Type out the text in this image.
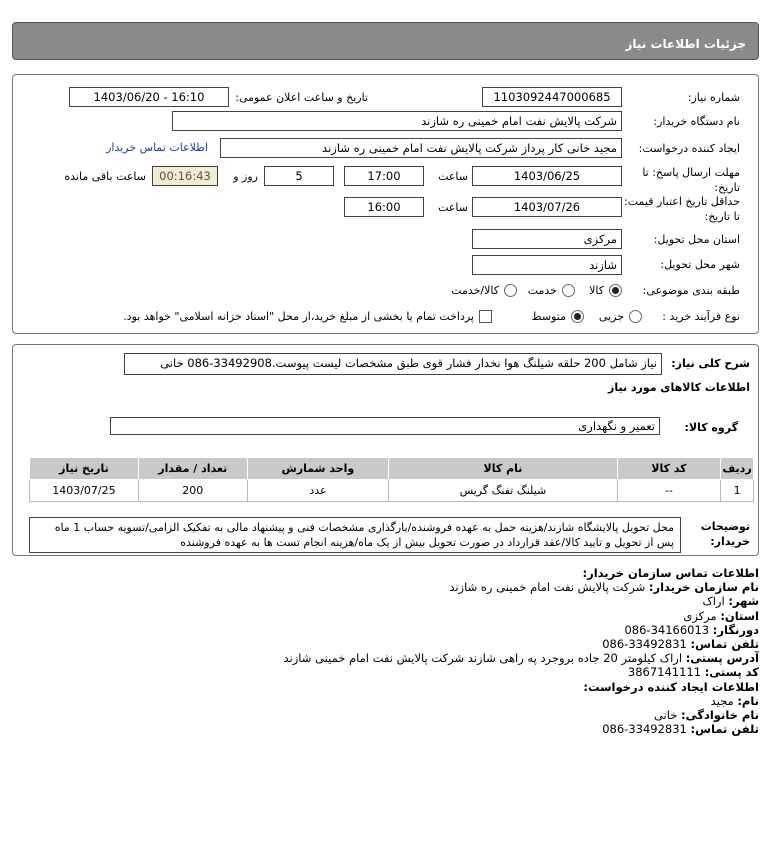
جزئیات اطلاعات نیاز
شماره نیاز:
1103092447000685
تاریخ و ساعت اعلان عمومی:
1403/06/20 - 16:10
نام دستگاه خریدار:
شرکت پالایش نفت امام خمینی ره شازند
ایجاد کننده درخواست:
مجید خانی کار پرداز شرکت پالایش نفت امام خمینی ره شازند
اطلاعات تماس خریدار
مهلت ارسال پاسخ: تا تاریخ:
1403/06/25
ساعت
17:00
5
روز و
00:16:43
ساعت باقی مانده
حداقل تاریخ اعتبار قیمت: تا تاریخ:
1403/07/26
ساعت
16:00
استان محل تحویل:
مرکزی
شهر محل تحویل:
شازند
طبقه بندی موضوعی:
کالا
خدمت
کالا/خدمت
نوع فرآیند خرید :
جزیی
متوسط
پرداخت تمام یا بخشی از مبلغ خرید،از محل "اسناد خزانه اسلامی" خواهد بود.
شرح کلی نیاز:
نیاز شامل 200 حلقه شیلنگ هوا نخدار فشار قوی طبق مشخصات لیست پیوست.33492908-086 خانی
اطلاعات کالاهای مورد نیاز
گروه کالا:
تعمیر و نگهداری
ردیف	کد کالا	نام کالا	واحد شمارش	تعداد / مقدار	تاریخ نیاز
1	--	شیلنگ تفنگ گریس	عدد	200	1403/07/25
توضیحات خریدار:
محل تحویل پالایشگاه شازند/هزینه حمل به عهده فروشنده/بارگذاری مشخصات فنی و پیشنهاد مالی به تفکیک الزامی/تسویه حساب 1 ماه پس از تحویل و تایید کالا/عقد قرارداد در صورت تحویل بیش از یک ماه/هزینه انجام تست ها به عهده فروشنده
اطلاعات تماس سازمان خریدار:
نام سازمان خریدار: شرکت پالایش نفت امام خمینی ره شازند
شهر: اراک
استان: مرکزی
دورنگار: 34166013-086
تلفن تماس: 33492831-086
آدرس پستی: اراک کیلومتر 20 جاده بروجرد په راهی شازند شرکت پالایش نفت امام خمینی شازند
کد پستی: 3867141111
اطلاعات ایجاد کننده درخواست:
نام: مجید
نام خانوادگی: خانی
تلفن تماس: 33492831-086
